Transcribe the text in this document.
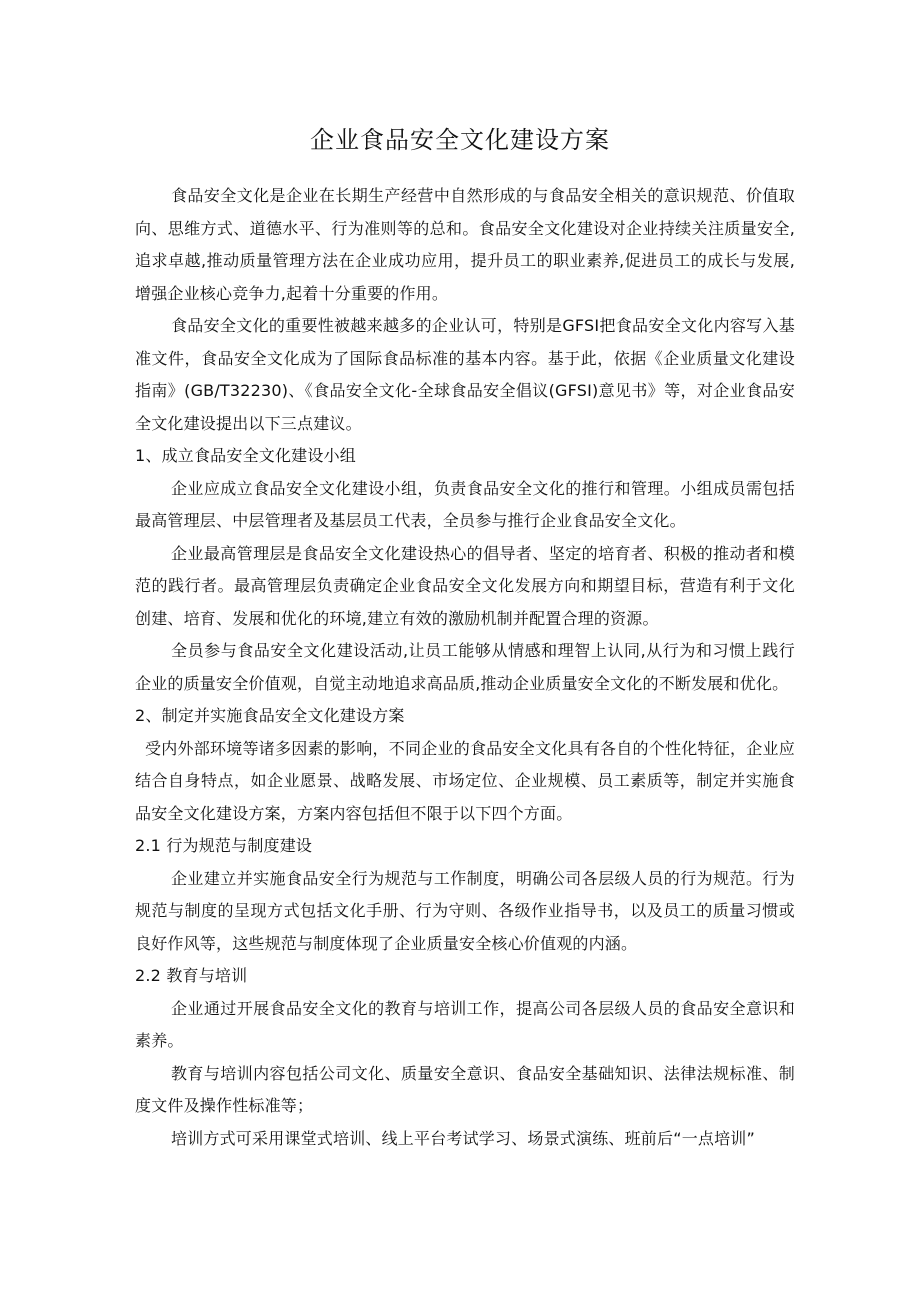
企业食品安全文化建设方案

食品安全文化是企业在长期生产经营中自然形成的与食品安全相关的意识规范、价值取向、思维方式、道德水平、行为准则等的总和。食品安全文化建设对企业持续关注质量安全,追求卓越,推动质量管理方法在企业成功应用，提升员工的职业素养,促进员工的成长与发展,增强企业核心竞争力,起着十分重要的作用。

食品安全文化的重要性被越来越多的企业认可，特别是GFSI把食品安全文化内容写入基准文件，食品安全文化成为了国际食品标准的基本内容。基于此，依据《企业质量文化建设指南》(GB/T32230)、《食品安全文化-全球食品安全倡议(GFSI)意见书》等，对企业食品安全文化建设提出以下三点建议。

1、成立食品安全文化建设小组

企业应成立食品安全文化建设小组，负责食品安全文化的推行和管理。小组成员需包括最高管理层、中层管理者及基层员工代表，全员参与推行企业食品安全文化。

企业最高管理层是食品安全文化建设热心的倡导者、坚定的培育者、积极的推动者和模范的践行者。最高管理层负责确定企业食品安全文化发展方向和期望目标，营造有利于文化创建、培育、发展和优化的环境,建立有效的激励机制并配置合理的资源。

全员参与食品安全文化建设活动,让员工能够从情感和理智上认同,从行为和习惯上践行企业的质量安全价值观，自觉主动地追求高品质,推动企业质量安全文化的不断发展和优化。

2、制定并实施食品安全文化建设方案

受内外部环境等诸多因素的影响，不同企业的食品安全文化具有各自的个性化特征，企业应结合自身特点，如企业愿景、战略发展、市场定位、企业规模、员工素质等，制定并实施食品安全文化建设方案，方案内容包括但不限于以下四个方面。

2.1 行为规范与制度建设

企业建立并实施食品安全行为规范与工作制度，明确公司各层级人员的行为规范。行为规范与制度的呈现方式包括文化手册、行为守则、各级作业指导书，以及员工的质量习惯或良好作风等，这些规范与制度体现了企业质量安全核心价值观的内涵。

2.2 教育与培训

企业通过开展食品安全文化的教育与培训工作，提高公司各层级人员的食品安全意识和素养。

教育与培训内容包括公司文化、质量安全意识、食品安全基础知识、法律法规标准、制度文件及操作性标准等；

培训方式可采用课堂式培训、线上平台考试学习、场景式演练、班前后“一点培训”
